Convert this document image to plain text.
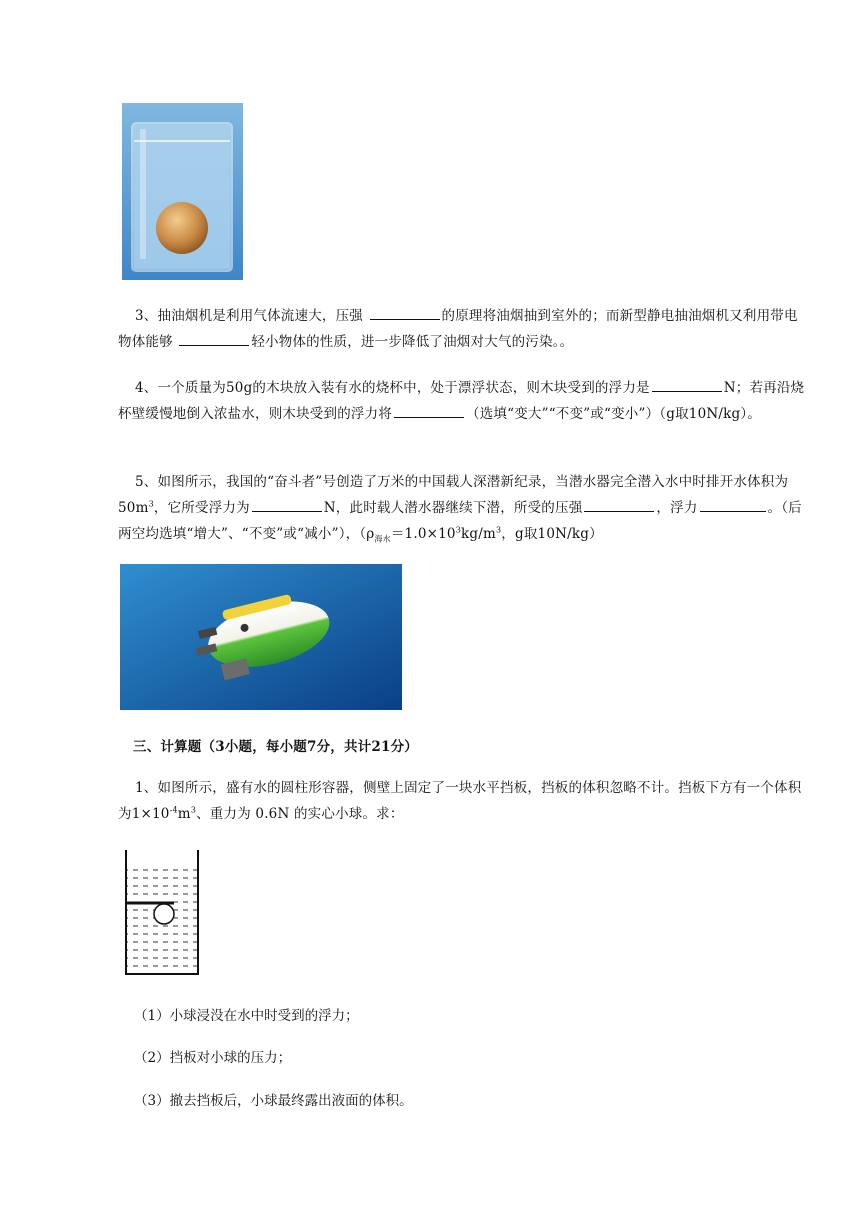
3、抽油烟机是利用气体流速大，压强	的原理将油烟抽到室外的；而新型静电抽油烟机又利用带电物体能够	轻小物体的性质，进一步降低了油烟对大气的污染。。

4、一个质量为50g的木块放入装有水的烧杯中，处于漂浮状态，则木块受到的浮力是	N；若再沿烧杯壁缓慢地倒入浓盐水，则木块受到的浮力将	（选填“变大”“不变”或“变小”）（g取10N/kg）。

5、如图所示，我国的“奋斗者”号创造了万米的中国载人深潜新纪录，当潜水器完全潜入水中时排开水体积为$50m^3$，它所受浮力为	N，此时载人潜水器继续下潜，所受的压强	，浮力	。（后两空均选填“增大”、“不变”或“减小”），（$\rho_{海水}=1.0\times 10^3kg/m^3$，g取10N/kg）

三、计算题（3小题，每小题7分，共计21分）

1、如图所示，盛有水的圆柱形容器，侧壁上固定了一块水平挡板，挡板的体积忽略不计。挡板下方有一个体积为$1\times 10^{-4}m^3$、重力为 0.6N 的实心小球。求：

（1）小球浸没在水中时受到的浮力；
（2）挡板对小球的压力；
（3）撤去挡板后，小球最终露出液面的体积。
